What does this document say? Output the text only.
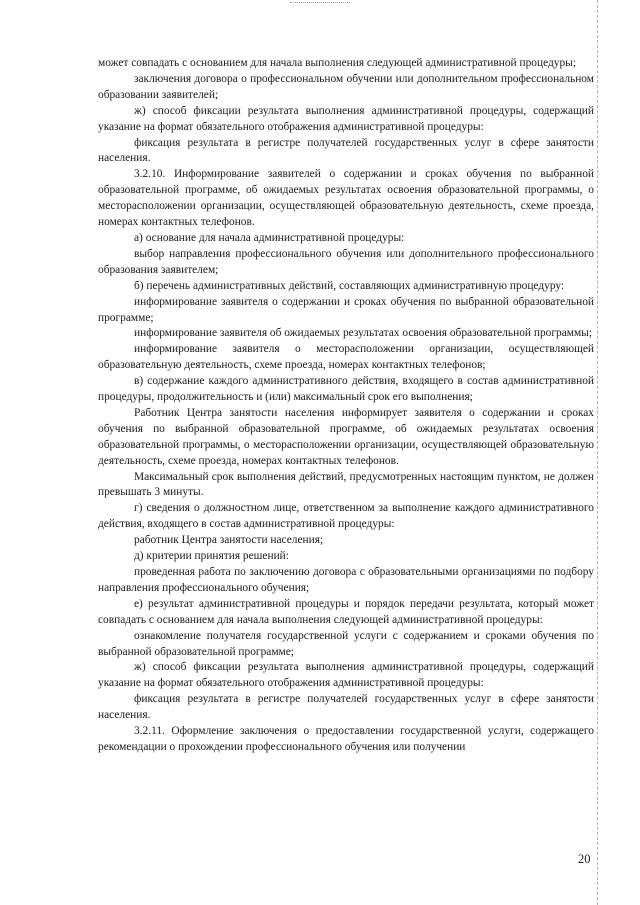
может совпадать с основанием для начала выполнения следующей административной процедуры;

заключения договора о профессиональном обучении или дополнительном профессиональном образовании заявителей;

ж) способ фиксации результата выполнения административной процедуры, содержащий указание на формат обязательного отображения административной процедуры:

фиксация результата в регистре получателей государственных услуг в сфере занятости населения.

3.2.10. Информирование заявителей о содержании и сроках обучения по выбранной образовательной программе, об ожидаемых результатах освоения образовательной программы, о месторасположении организации, осуществляющей образовательную деятельность, схеме проезда, номерах контактных телефонов.

а) основание для начала административной процедуры:

выбор направления профессионального обучения или дополнительного профессионального образования заявителем;

б) перечень административных действий, составляющих административную процедуру:

информирование заявителя о содержании и сроках обучения по выбранной образовательной программе;

информирование заявителя об ожидаемых результатах освоения образовательной программы;

информирование заявителя о месторасположении организации, осуществляющей образовательную деятельность, схеме проезда, номерах контактных телефонов;

в) содержание каждого административного действия, входящего в состав административной процедуры, продолжительность и (или) максимальный срок его выполнения;

Работник Центра занятости населения информирует заявителя о содержании и сроках обучения по выбранной образовательной программе, об ожидаемых результатах освоения образовательной программы, о месторасположении организации, осуществляющей образовательную деятельность, схеме проезда, номерах контактных телефонов.

Максимальный срок выполнения действий, предусмотренных настоящим пунктом, не должен превышать 3 минуты.

г) сведения о должностном лице, ответственном за выполнение каждого административного действия, входящего в состав административной процедуры:

работник Центра занятости населения;

д) критерии принятия решений:

проведенная работа по заключению договора с образовательными организациями по подбору направления профессионального обучения;

е) результат административной процедуры и порядок передачи результата, который может совпадать с основанием для начала выполнения следующей административной процедуры:

ознакомление получателя государственной услуги с содержанием и сроками обучения по выбранной образовательной программе;

ж) способ фиксации результата выполнения административной процедуры, содержащий указание на формат обязательного отображения административной процедуры:

фиксация результата в регистре получателей государственных услуг в сфере занятости населения.

3.2.11. Оформление заключения о предоставлении государственной услуги, содержащего рекомендации о прохождении профессионального обучения или получении

20
